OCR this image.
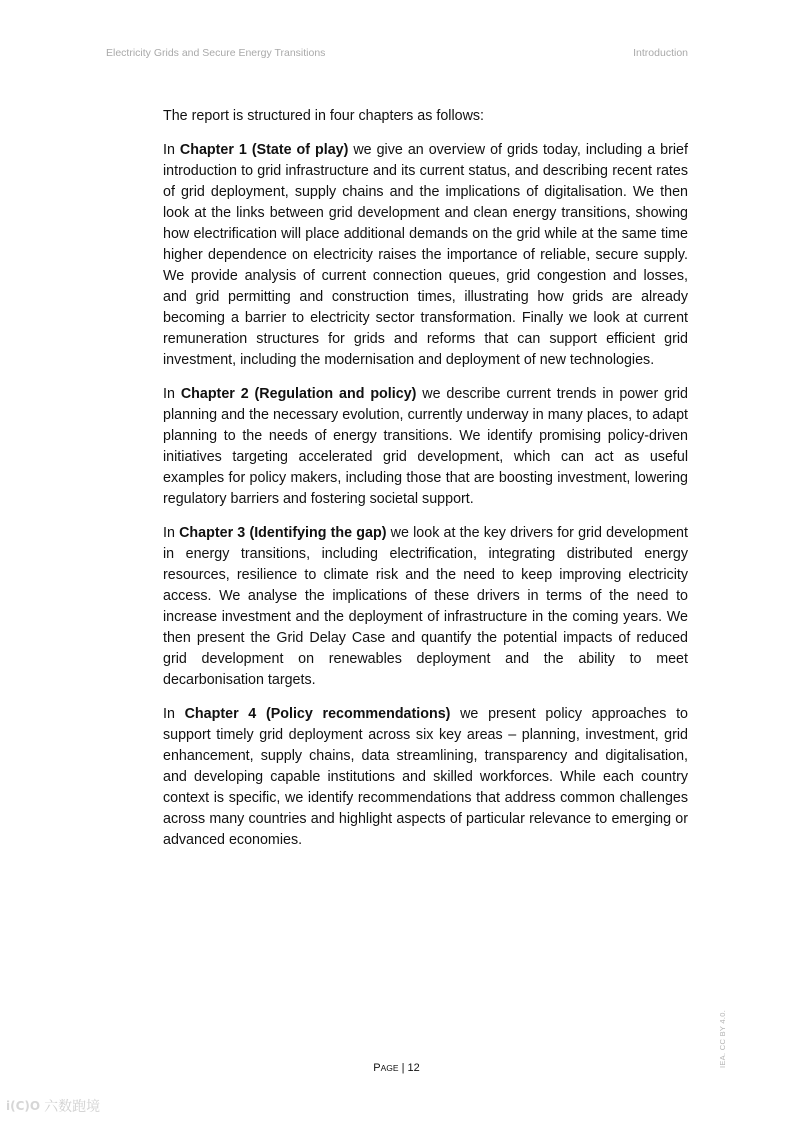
Electricity Grids and Secure Energy Transitions	Introduction

The report is structured in four chapters as follows:

In Chapter 1 (State of play) we give an overview of grids today, including a brief introduction to grid infrastructure and its current status, and describing recent rates of grid deployment, supply chains and the implications of digitalisation. We then look at the links between grid development and clean energy transitions, showing how electrification will place additional demands on the grid while at the same time higher dependence on electricity raises the importance of reliable, secure supply. We provide analysis of current connection queues, grid congestion and losses, and grid permitting and construction times, illustrating how grids are already becoming a barrier to electricity sector transformation. Finally we look at current remuneration structures for grids and reforms that can support efficient grid investment, including the modernisation and deployment of new technologies.

In Chapter 2 (Regulation and policy) we describe current trends in power grid planning and the necessary evolution, currently underway in many places, to adapt planning to the needs of energy transitions. We identify promising policy-driven initiatives targeting accelerated grid development, which can act as useful examples for policy makers, including those that are boosting investment, lowering regulatory barriers and fostering societal support.

In Chapter 3 (Identifying the gap) we look at the key drivers for grid development in energy transitions, including electrification, integrating distributed energy resources, resilience to climate risk and the need to keep improving electricity access. We analyse the implications of these drivers in terms of the need to increase investment and the deployment of infrastructure in the coming years. We then present the Grid Delay Case and quantify the potential impacts of reduced grid development on renewables deployment and the ability to meet decarbonisation targets.

In Chapter 4 (Policy recommendations) we present policy approaches to support timely grid deployment across six key areas – planning, investment, grid enhancement, supply chains, data streamlining, transparency and digitalisation, and developing capable institutions and skilled workforces. While each country context is specific, we identify recommendations that address common challenges across many countries and highlight aspects of particular relevance to emerging or advanced economies.

PAGE | 12	IEA. CC BY 4.0.
i(C)O 六数跑境
